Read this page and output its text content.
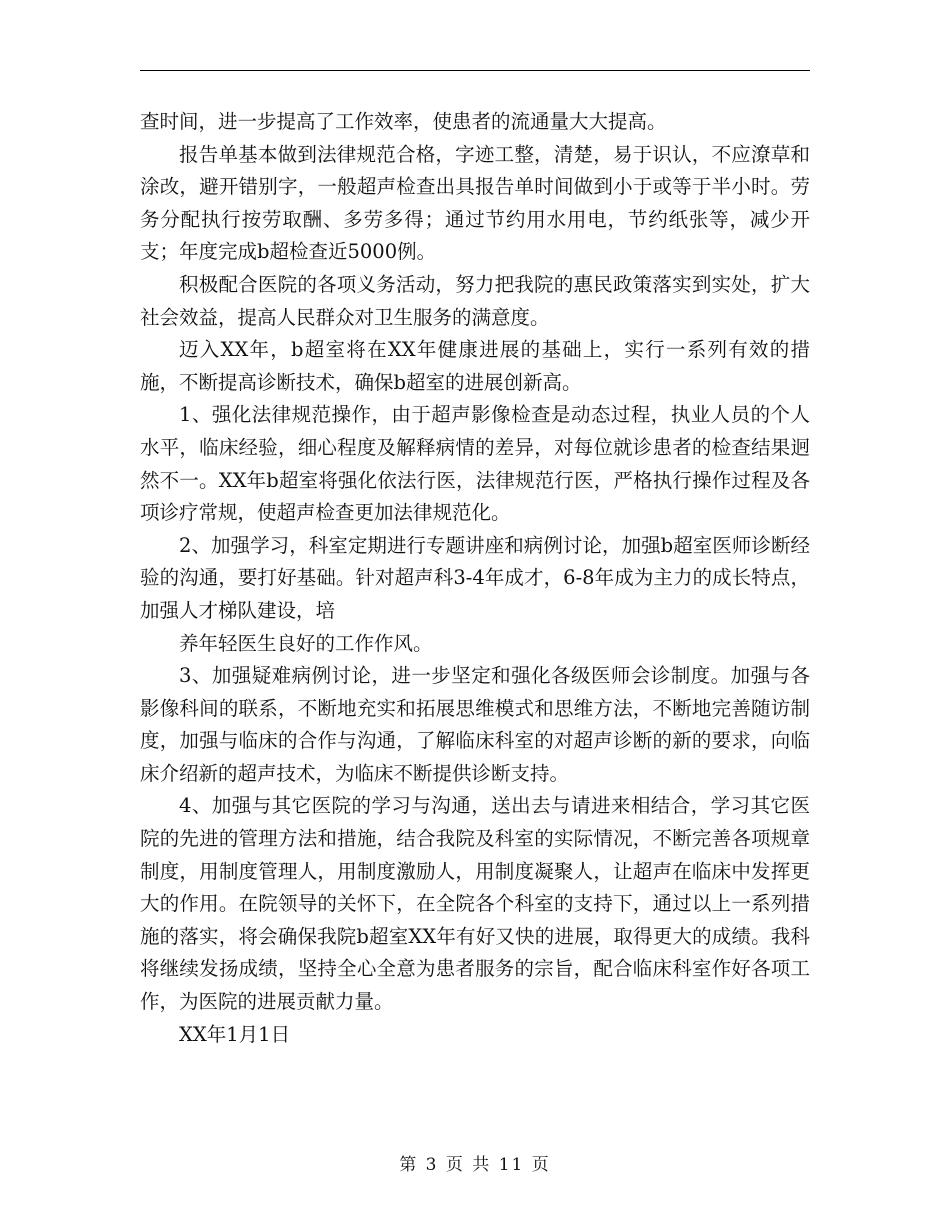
查时间，进一步提高了工作效率，使患者的流通量大大提高。

报告单基本做到法律规范合格，字迹工整，清楚，易于识认，不应潦草和涂改，避开错别字，一般超声检查出具报告单时间做到小于或等于半小时。劳务分配执行按劳取酬、多劳多得；通过节约用水用电，节约纸张等，减少开支；年度完成b超检查近5000例。

积极配合医院的各项义务活动，努力把我院的惠民政策落实到实处，扩大社会效益，提高人民群众对卫生服务的满意度。

迈入XX年，b超室将在XX年健康进展的基础上，实行一系列有效的措施，不断提高诊断技术，确保b超室的进展创新高。

1、强化法律规范操作，由于超声影像检查是动态过程，执业人员的个人水平，临床经验，细心程度及解释病情的差异，对每位就诊患者的检查结果迥然不一。XX年b超室将强化依法行医，法律规范行医，严格执行操作过程及各项诊疗常规，使超声检查更加法律规范化。

2、加强学习，科室定期进行专题讲座和病例讨论，加强b超室医师诊断经验的沟通，要打好基础。针对超声科3-4年成才，6-8年成为主力的成长特点，加强人才梯队建设，培

养年轻医生良好的工作作风。

3、加强疑难病例讨论，进一步坚定和强化各级医师会诊制度。加强与各影像科间的联系，不断地充实和拓展思维模式和思维方法，不断地完善随访制度，加强与临床的合作与沟通，了解临床科室的对超声诊断的新的要求，向临床介绍新的超声技术，为临床不断提供诊断支持。

4、加强与其它医院的学习与沟通，送出去与请进来相结合，学习其它医院的先进的管理方法和措施，结合我院及科室的实际情况，不断完善各项规章制度，用制度管理人，用制度激励人，用制度凝聚人，让超声在临床中发挥更大的作用。在院领导的关怀下，在全院各个科室的支持下，通过以上一系列措施的落实，将会确保我院b超室XX年有好又快的进展，取得更大的成绩。我科将继续发扬成绩，坚持全心全意为患者服务的宗旨，配合临床科室作好各项工作，为医院的进展贡献力量。

XX年1月1日

第 3 页 共 11 页
